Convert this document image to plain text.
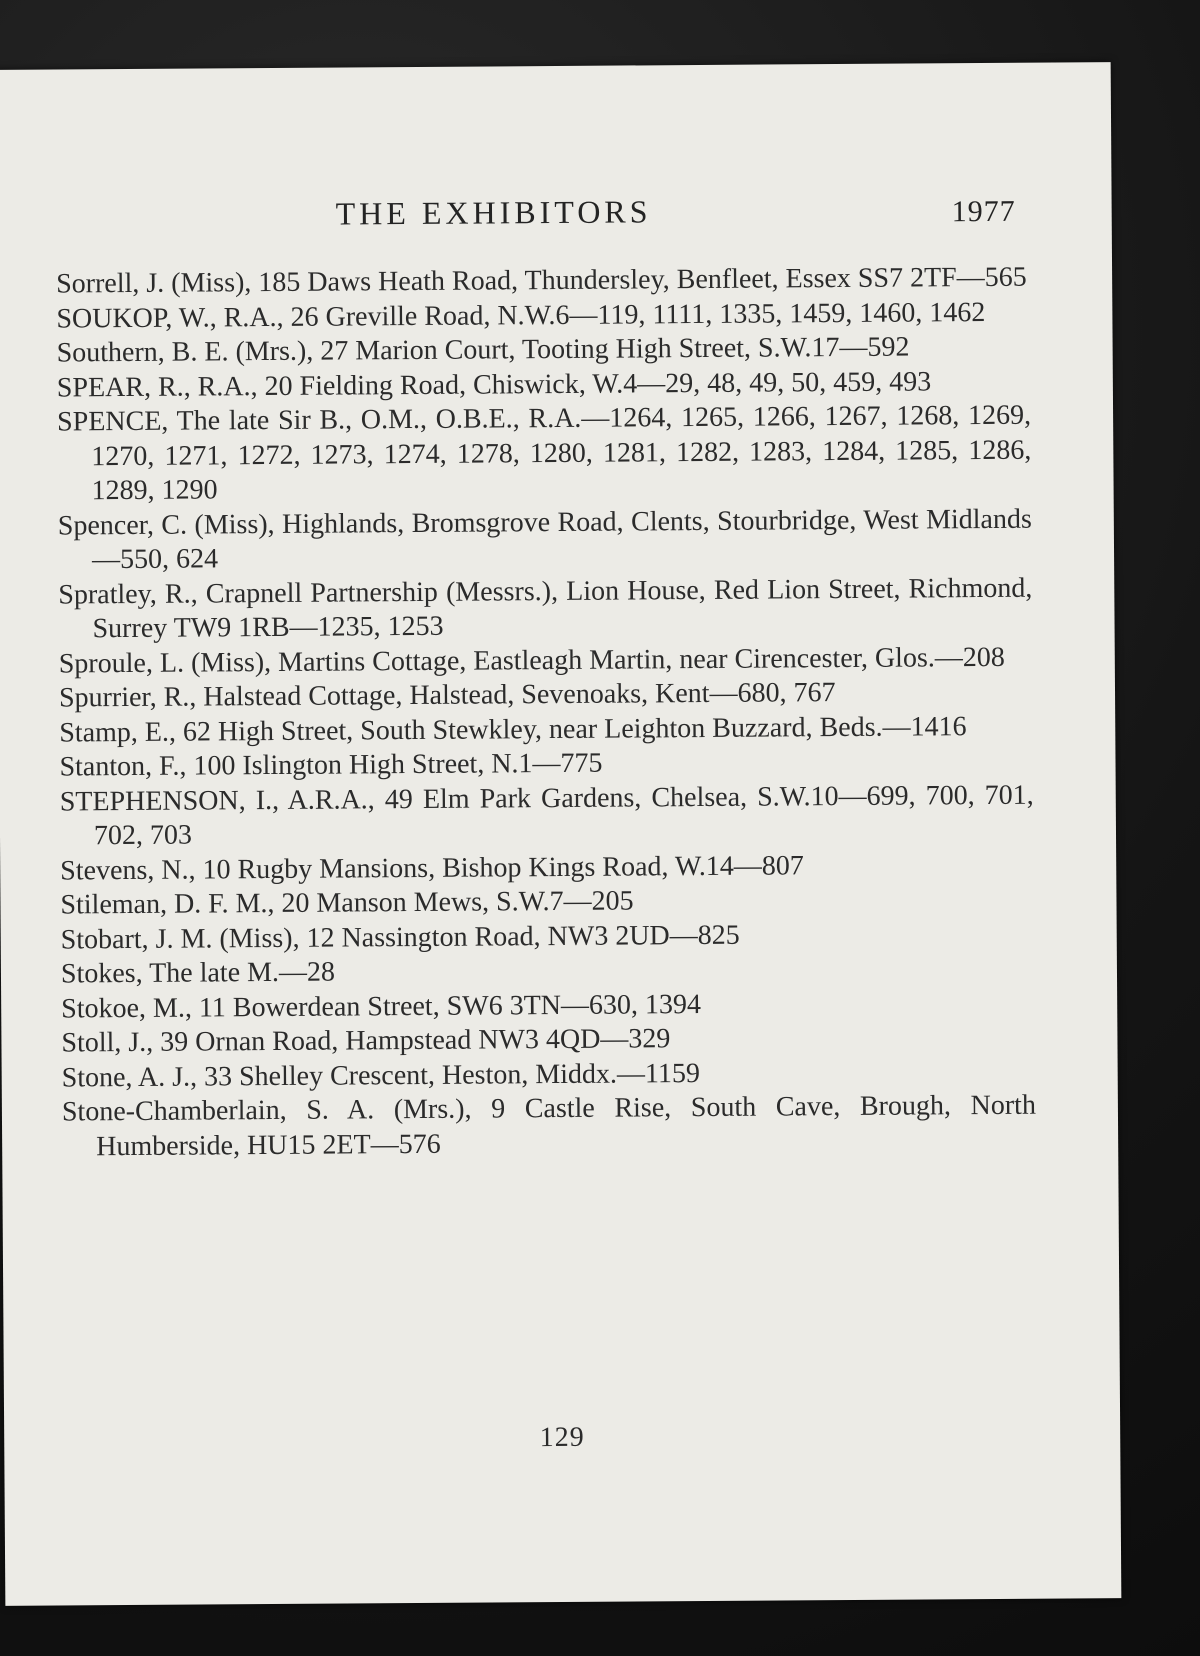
THE EXHIBITORS	1977
Sorrell, J. (Miss), 185 Daws Heath Road, Thundersley, Benfleet, Essex SS7 2TF—565
SOUKOP, W., R.A., 26 Greville Road, N.W.6—119, 1111, 1335, 1459, 1460, 1462
Southern, B. E. (Mrs.), 27 Marion Court, Tooting High Street, S.W.17—592
SPEAR, R., R.A., 20 Fielding Road, Chiswick, W.4—29, 48, 49, 50, 459, 493
SPENCE, The late Sir B., O.M., O.B.E., R.A.—1264, 1265, 1266, 1267, 1268, 1269, 1270, 1271, 1272, 1273, 1274, 1278, 1280, 1281, 1282, 1283, 1284, 1285, 1286, 1289, 1290
Spencer, C. (Miss), Highlands, Bromsgrove Road, Clents, Stourbridge, West Midlands—550, 624
Spratley, R., Crapnell Partnership (Messrs.), Lion House, Red Lion Street, Richmond, Surrey TW9 1RB—1235, 1253
Sproule, L. (Miss), Martins Cottage, Eastleagh Martin, near Cirencester, Glos.—208
Spurrier, R., Halstead Cottage, Halstead, Sevenoaks, Kent—680, 767
Stamp, E., 62 High Street, South Stewkley, near Leighton Buzzard, Beds.—1416
Stanton, F., 100 Islington High Street, N.1—775
STEPHENSON, I., A.R.A., 49 Elm Park Gardens, Chelsea, S.W.10—699, 700, 701, 702, 703
Stevens, N., 10 Rugby Mansions, Bishop Kings Road, W.14—807
Stileman, D. F. M., 20 Manson Mews, S.W.7—205
Stobart, J. M. (Miss), 12 Nassington Road, NW3 2UD—825
Stokes, The late M.—28
Stokoe, M., 11 Bowerdean Street, SW6 3TN—630, 1394
Stoll, J., 39 Ornan Road, Hampstead NW3 4QD—329
Stone, A. J., 33 Shelley Crescent, Heston, Middx.—1159
Stone-Chamberlain, S. A. (Mrs.), 9 Castle Rise, South Cave, Brough, North Humberside, HU15 2ET—576
129
